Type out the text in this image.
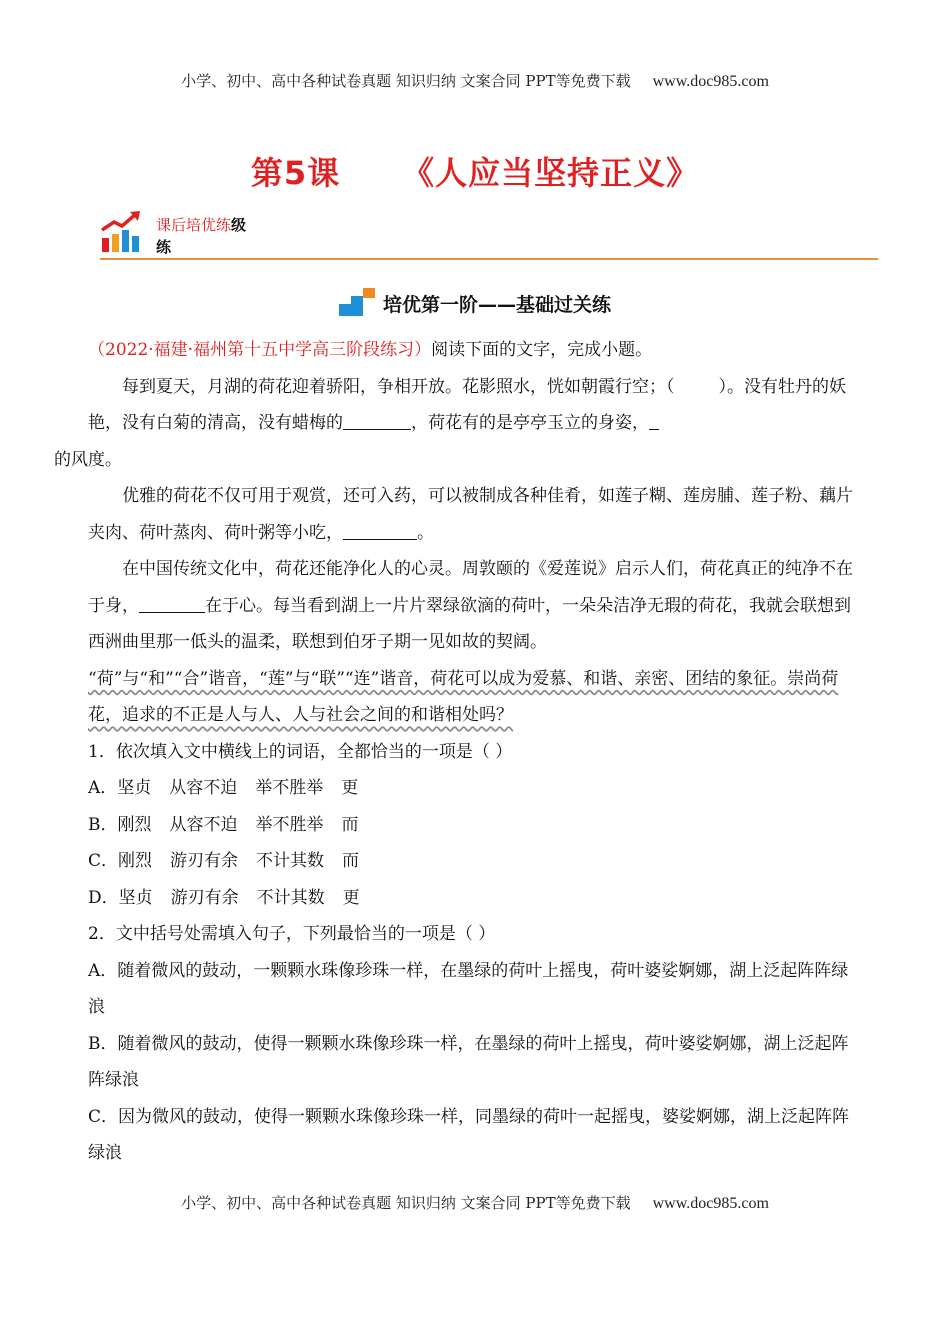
小学、初中、高中各种试卷真题 知识归纳 文案合同 PPT等免费下载 www.doc985.com
第5课 《人应当坚持正义》
课后培优练级
练
培优第一阶——基础过关练

（2022·福建·福州第十五中学高三阶段练习）阅读下面的文字，完成小题。

每到夏天，月湖的荷花迎着骄阳，争相开放。花影照水，恍如朝霞行空；（	）。没有牡丹的妖艳，没有白菊的清高，没有蜡梅的	，荷花有的是亭亭玉立的身姿，
的风度。

优雅的荷花不仅可用于观赏，还可入药，可以被制成各种佳肴，如莲子糊、莲房脯、莲子粉、藕片夹肉、荷叶蒸肉、荷叶粥等小吃，	。

在中国传统文化中，荷花还能净化人的心灵。周敦颐的《爱莲说》启示人们，荷花真正的纯净不在于身，	在于心。每当看到湖上一片片翠绿欲滴的荷叶，一朵朵洁净无瑕的荷花，我就会联想到西洲曲里那一低头的温柔，联想到伯牙子期一见如故的契阔。

“荷”与“和”“合”谐音，“莲”与“联”“连”谐音，荷花可以成为爱慕、和谐、亲密、团结的象征。崇尚荷花，追求的不正是人与人、人与社会之间的和谐相处吗？

1．依次填入文中横线上的词语，全都恰当的一项是（ ）

A．坚贞 从容不迫 举不胜举 更

B．刚烈 从容不迫 举不胜举 而

C．刚烈 游刃有余 不计其数 而

D．坚贞 游刃有余 不计其数 更

2．文中括号处需填入句子，下列最恰当的一项是（ ）

A．随着微风的鼓动，一颗颗水珠像珍珠一样，在墨绿的荷叶上摇曳，荷叶婆娑婀娜，湖上泛起阵阵绿浪

B．随着微风的鼓动，使得一颗颗水珠像珍珠一样，在墨绿的荷叶上摇曳，荷叶婆娑婀娜，湖上泛起阵阵绿浪

C．因为微风的鼓动，使得一颗颗水珠像珍珠一样，同墨绿的荷叶一起摇曳，婆娑婀娜，湖上泛起阵阵绿浪

小学、初中、高中各种试卷真题 知识归纳 文案合同 PPT等免费下载 www.doc985.com
